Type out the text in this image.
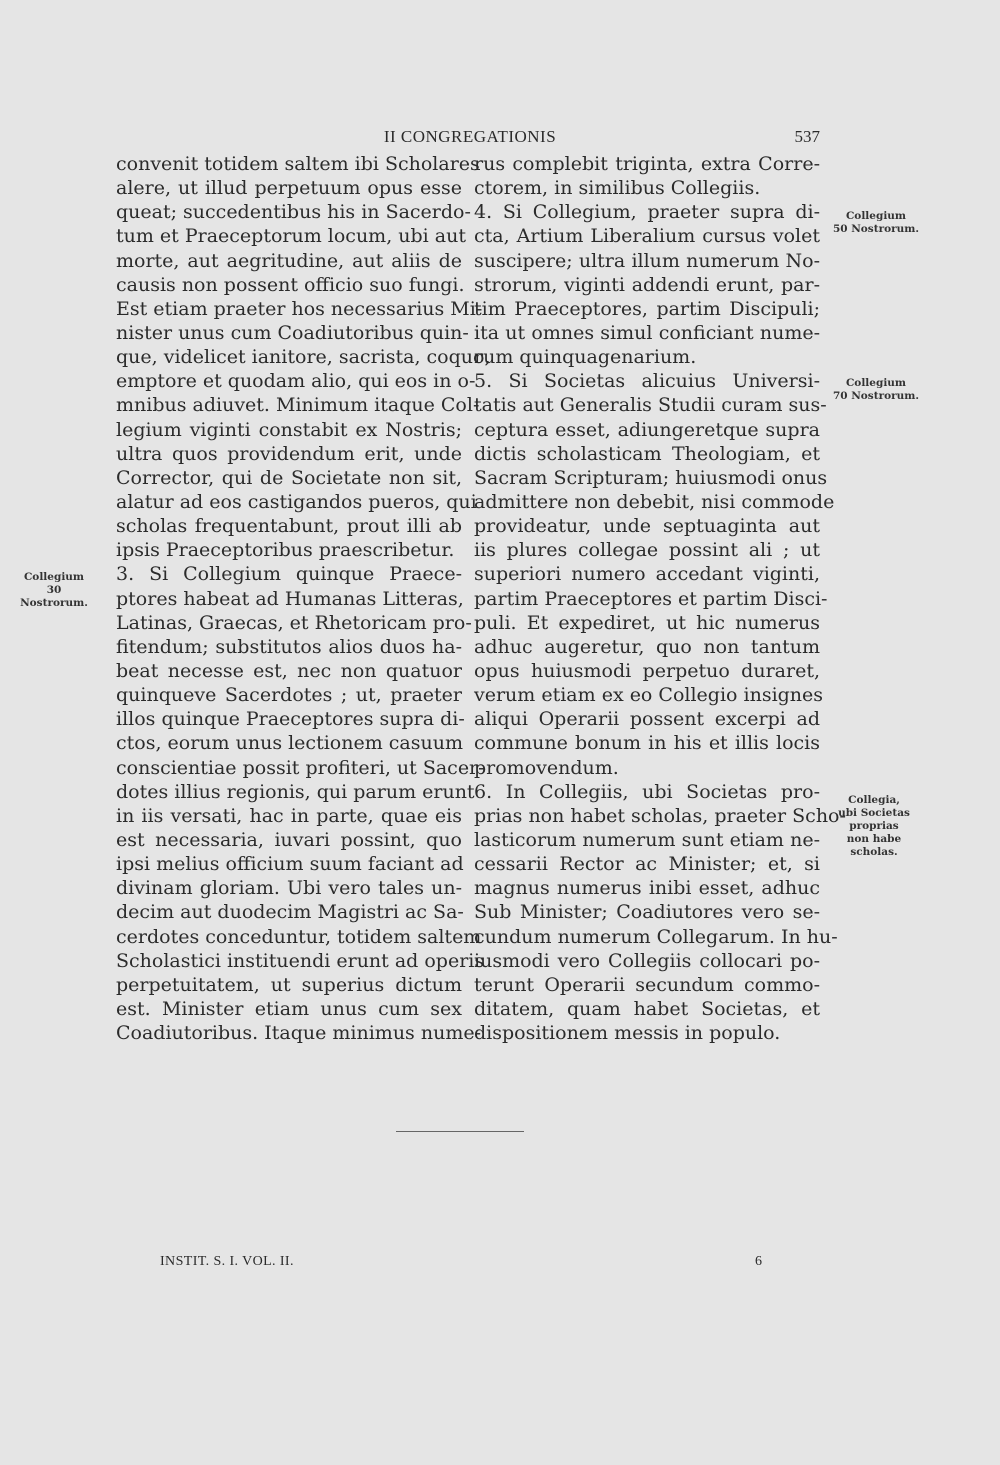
II CONGREGATIONIS	537
convenit totidem saltem ibi Scholares
alere, ut illud perpetuum opus esse
queat; succedentibus his in Sacerdo-
tum et Praeceptorum locum, ubi aut
morte, aut aegritudine, aut aliis de
causis non possent officio suo fungi.
Est etiam praeter hos necessarius Mi-
nister unus cum Coadiutoribus quin-
que, videlicet ianitore, sacrista, coquo,
emptore et quodam alio, qui eos in o-
mnibus adiuvet. Minimum itaque Col-
legium viginti constabit ex Nostris;
ultra quos providendum erit, unde
Corrector, qui de Societate non sit,
alatur ad eos castigandos pueros, qui
scholas frequentabunt, prout illi ab
ipsis Praeceptoribus praescribetur.
3. Si Collegium quinque Praece-
ptores habeat ad Humanas Litteras,
Latinas, Graecas, et Rhetoricam pro-
fitendum; substitutos alios duos ha-
beat necesse est, nec non quatuor
quinqueve Sacerdotes ; ut, praeter
illos quinque Praeceptores supra di-
ctos, eorum unus lectionem casuum
conscientiae possit profiteri, ut Sacer-
dotes illius regionis, qui parum erunt
in iis versati, hac in parte, quae eis
est necessaria, iuvari possint, quo
ipsi melius officium suum faciant ad
divinam gloriam. Ubi vero tales un-
decim aut duodecim Magistri ac Sa-
cerdotes conceduntur, totidem saltem
Scholastici instituendi erunt ad operis
perpetuitatem, ut superius dictum
est. Minister etiam unus cum sex
Coadiutoribus. Itaque minimus nume-
rus complebit triginta, extra Corre-
ctorem, in similibus Collegiis.
4. Si Collegium, praeter supra di-
cta, Artium Liberalium cursus volet
suscipere; ultra illum numerum No-
strorum, viginti addendi erunt, par-
tim Praeceptores, partim Discipuli;
ita ut omnes simul conficiant nume-
rum quinquagenarium.
5. Si Societas alicuius Universi-
tatis aut Generalis Studii curam sus-
ceptura esset, adiungeretque supra
dictis scholasticam Theologiam, et
Sacram Scripturam; huiusmodi onus
admittere non debebit, nisi commode
provideatur, unde septuaginta aut
iis plures collegae possint ali ; ut
superiori numero accedant viginti,
partim Praeceptores et partim Disci-
puli. Et expediret, ut hic numerus
adhuc augeretur, quo non tantum
opus huiusmodi perpetuo duraret,
verum etiam ex eo Collegio insignes
aliqui Operarii possent excerpi ad
commune bonum in his et illis locis
promovendum.
6. In Collegiis, ubi Societas pro-
prias non habet scholas, praeter Scho-
lasticorum numerum sunt etiam ne-
cessarii Rector ac Minister; et, si
magnus numerus inibi esset, adhuc
Sub Minister; Coadiutores vero se-
cundum numerum Collegarum. In hu-
iusmodi vero Collegiis collocari po-
terunt Operarii secundum commo-
ditatem, quam habet Societas, et
dispositionem messis in populo.
Collegium
30 Nostrorum.
Collegium
50 Nostrorum.
Collegium
70 Nostrorum.
Collegia,
ubi Societas
proprias
non habe
scholas.
INSTIT. S. I. VOL. II.	6
